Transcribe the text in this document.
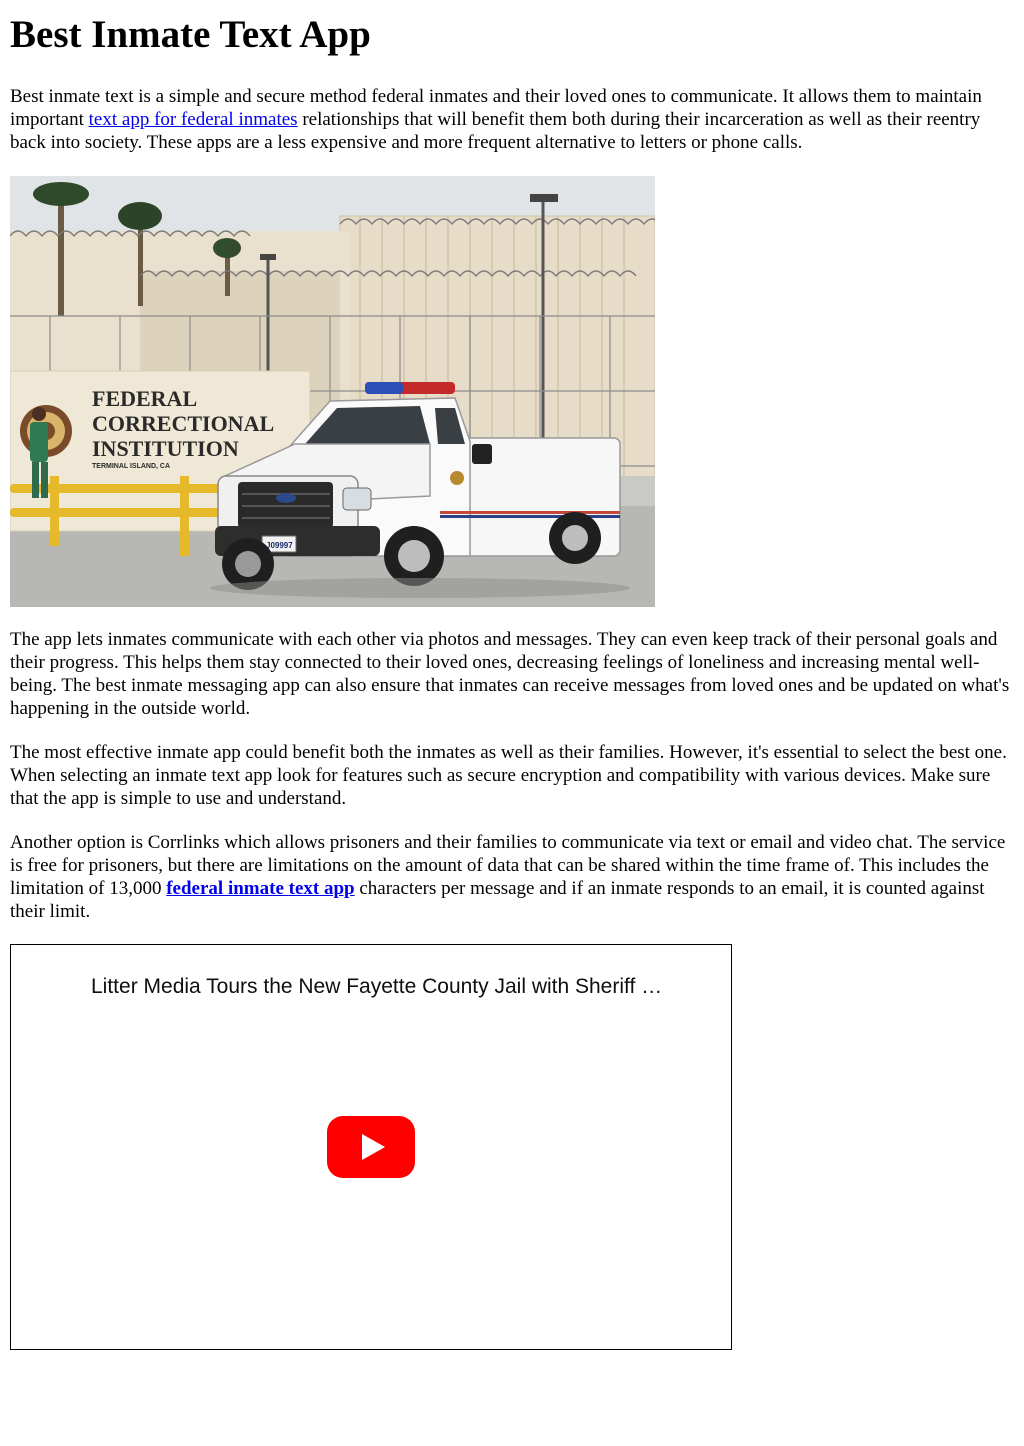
Best Inmate Text App

Best inmate text is a simple and secure method federal inmates and their loved ones to communicate. It allows them to maintain important text app for federal inmates relationships that will benefit them both during their incarceration as well as their reentry back into society. These apps are a less expensive and more frequent alternative to letters or phone calls.

FEDERAL
CORRECTIONAL
INSTITUTION
TERMINAL ISLAND, CA
J09997

The app lets inmates communicate with each other via photos and messages. They can even keep track of their personal goals and their progress. This helps them stay connected to their loved ones, decreasing feelings of loneliness and increasing mental well-being. The best inmate messaging app can also ensure that inmates can receive messages from loved ones and be updated on what's happening in the outside world.

The most effective inmate app could benefit both the inmates as well as their families. However, it's essential to select the best one. When selecting an inmate text app look for features such as secure encryption and compatibility with various devices. Make sure that the app is simple to use and understand.

Another option is Corrlinks which allows prisoners and their families to communicate via text or email and video chat. The service is free for prisoners, but there are limitations on the amount of data that can be shared within the time frame of. This includes the limitation of 13,000 federal inmate text app characters per message and if an inmate responds to an email, it is counted against their limit.

Litter Media Tours the New Fayette County Jail with Sheriff …
